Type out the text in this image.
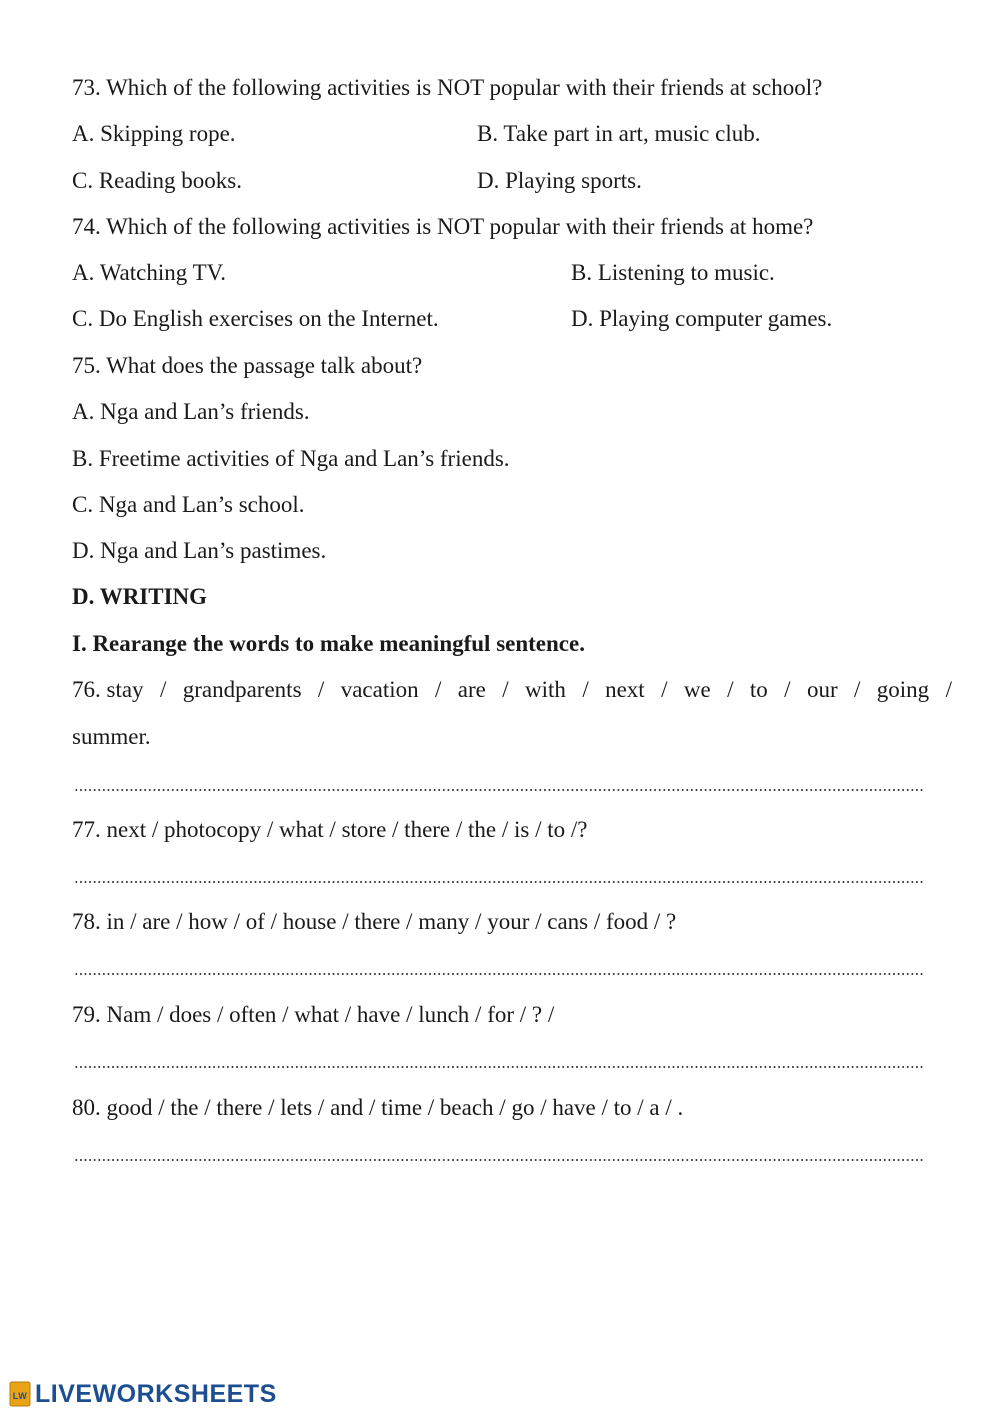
73. Which of the following activities is NOT popular with their friends at school?
A. Skipping rope.	B. Take part in art, music club.
C. Reading books.	D. Playing sports.
74. Which of the following activities is NOT popular with their friends at home?
A. Watching TV.	B. Listening to music.
C. Do English exercises on the Internet.	D. Playing computer games.
75. What does the passage talk about?
A. Nga and Lan’s friends.
B. Freetime activities of Nga and Lan’s friends.
C. Nga and Lan’s school.
D. Nga and Lan’s pastimes.
D. WRITING
I. Rearange the words to make meaningful sentence.
76. stay / grandparents / vacation / are / with / next / we / to / our / going /
summer.
77. next / photocopy / what / store / there / the / is / to /?
78. in / are / how / of / house / there / many / your / cans / food / ?
79. Nam / does / often / what / have / lunch / for / ? /
80. good / the / there / lets / and / time / beach / go / have / to / a / .
LW LIVEWORKSHEETS
